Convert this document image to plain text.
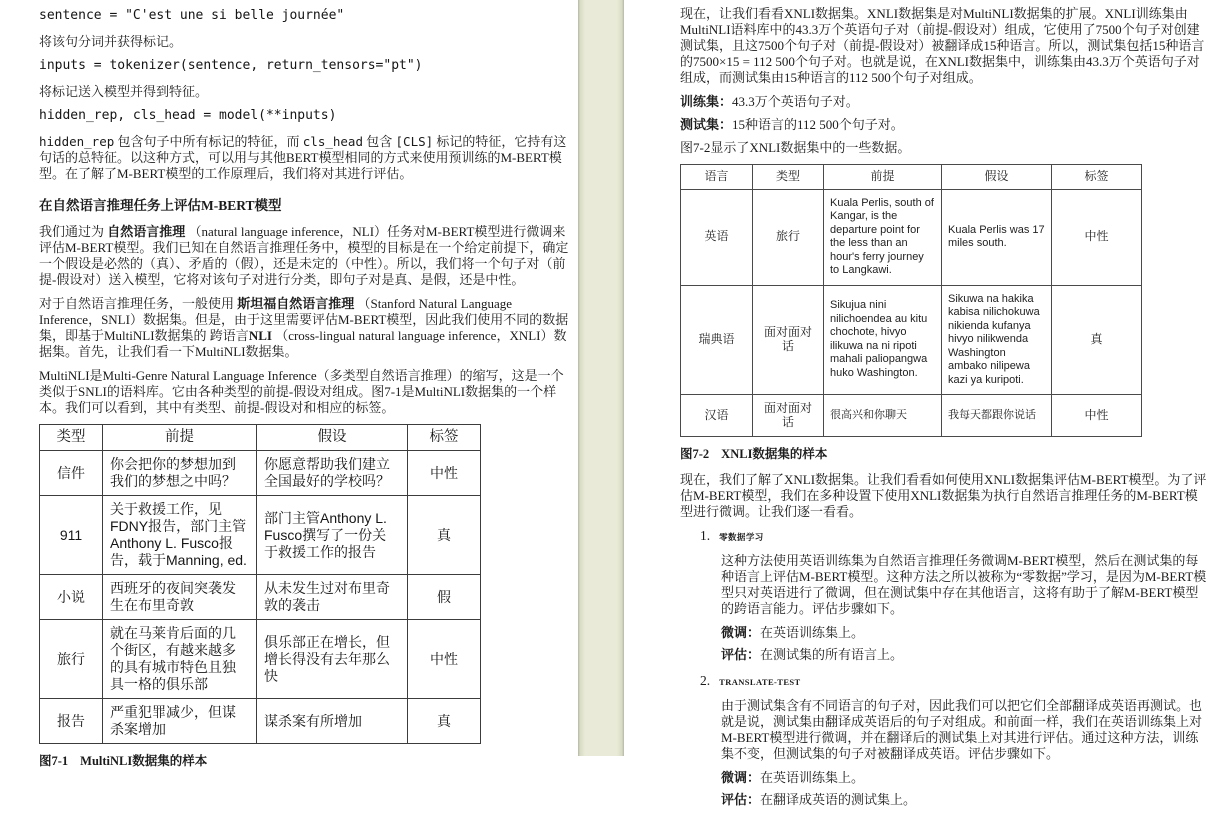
sentence = "C'est une si belle journée"

将该句分词并获得标记。

inputs = tokenizer(sentence, return_tensors="pt")

将标记送入模型并得到特征。

hidden_rep, cls_head = model(**inputs)

hidden_rep 包含句子中所有标记的特征，而 cls_head 包含 [CLS] 标记的特征，它持有这句话的总特征。以这种方式，可以用与其他BERT模型相同的方式来使用预训练的M-BERT模型。在了解了M-BERT模型的工作原理后，我们将对其进行评估。

在自然语言推理任务上评估M-BERT模型

我们通过为 自然语言推理 （natural language inference，NLI）任务对M-BERT模型进行微调来评估M-BERT模型。我们已知在自然语言推理任务中，模型的目标是在一个给定前提下，确定一个假设是必然的（真）、矛盾的（假），还是未定的（中性）。所以，我们将一个句子对（前提-假设对）送入模型，它将对该句子对进行分类，即句子对是真、是假，还是中性。

对于自然语言推理任务，一般使用 斯坦福自然语言推理 （Stanford Natural Language Inference，SNLI）数据集。但是，由于这里需要评估M-BERT模型，因此我们使用不同的数据集，即基于MultiNLI数据集的 跨语言NLI （cross-lingual natural language inference，XNLI）数据集。首先，让我们看一下MultiNLI数据集。

MultiNLI是Multi-Genre Natural Language Inference（多类型自然语言推理）的缩写，这是一个类似于SNLI的语料库。它由各种类型的前提-假设对组成。图7-1是MultiNLI数据集的一个样本。我们可以看到，其中有类型、前提-假设对和相应的标签。

类型	前提	假设	标签
信件	你会把你的梦想加到我们的梦想之中吗？	你愿意帮助我们建立全国最好的学校吗？	中性
911	关于救援工作，见FDNY报告，部门主管Anthony L. Fusco报告，载于Manning, ed.	部门主管Anthony L. Fusco撰写了一份关于救援工作的报告	真
小说	西班牙的夜间突袭发生在布里奇敦	从未发生过对布里奇敦的袭击	假
旅行	就在马莱肯后面的几个街区，有越来越多的具有城市特色且独具一格的俱乐部	俱乐部正在增长，但增长得没有去年那么快	中性
报告	严重犯罪减少，但谋杀案增加	谋杀案有所增加	真

图7-1 MultiNLI数据集的样本

现在，让我们看看XNLI数据集。XNLI数据集是对MultiNLI数据集的扩展。XNLI训练集由MultiNLI语料库中的43.3万个英语句子对（前提-假设对）组成，它使用了7500个句子对创建测试集，且这7500个句子对（前提-假设对）被翻译成15种语言。所以，测试集包括15种语言的7500×15 = 112 500个句子对。也就是说，在XNLI数据集中，训练集由43.3万个英语句子对组成，而测试集由15种语言的112 500个句子对组成。

训练集：43.3万个英语句子对。

测试集：15种语言的112 500个句子对。

图7-2显示了XNLI数据集中的一些数据。

语言	类型	前提	假设	标签
英语	旅行	Kuala Perlis, south of Kangar, is the departure point for the less than an hour's ferry journey to Langkawi.	Kuala Perlis was 17 miles south.	中性
瑞典语	面对面对话	Sikujua nini nilichoendea au kitu chochote, hivyo ilikuwa na ni ripoti mahali paliopangwa huko Washington.	Sikuwa na hakika kabisa nilichokuwa nikienda kufanya hivyo nilikwenda Washington ambako nilipewa kazi ya kuripoti.	真
汉语	面对面对话	很高兴和你聊天	我每天都跟你说话	中性

图7-2 XNLI数据集的样本

现在，我们了解了XNLI数据集。让我们看看如何使用XNLI数据集评估M-BERT模型。为了评估M-BERT模型，我们在多种设置下使用XNLI数据集为执行自然语言推理任务的M-BERT模型进行微调。让我们逐一看看。

1. 零数据学习

这种方法使用英语训练集为自然语言推理任务微调M-BERT模型，然后在测试集的每种语言上评估M-BERT模型。这种方法之所以被称为“零数据”学习，是因为M-BERT模型只对英语进行了微调，但在测试集中存在其他语言，这将有助于了解M-BERT模型的跨语言能力。评估步骤如下。

微调：在英语训练集上。

评估：在测试集的所有语言上。

2. TRANSLATE-TEST

由于测试集含有不同语言的句子对，因此我们可以把它们全部翻译成英语再测试。也就是说，测试集由翻译成英语后的句子对组成。和前面一样，我们在英语训练集上对M-BERT模型进行微调，并在翻译后的测试集上对其进行评估。通过这种方法，训练集不变，但测试集的句子对被翻译成英语。评估步骤如下。

微调：在英语训练集上。

评估：在翻译成英语的测试集上。
